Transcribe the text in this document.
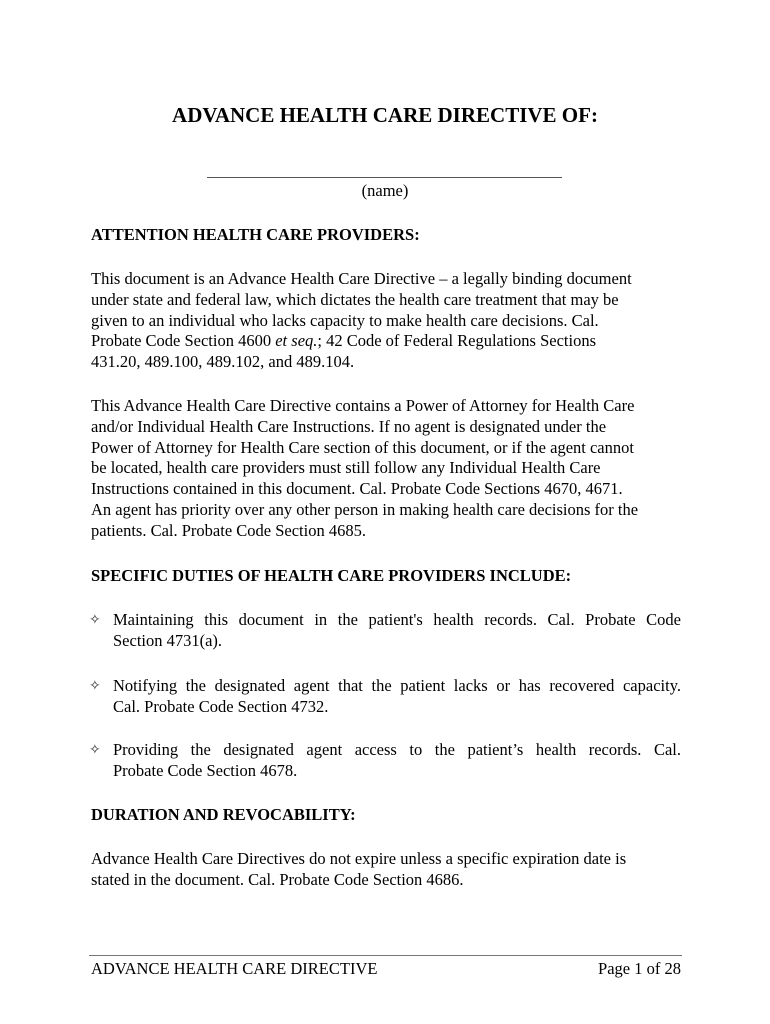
ADVANCE HEALTH CARE DIRECTIVE OF:
(name)
ATTENTION HEALTH CARE PROVIDERS:
This document is an Advance Health Care Directive – a legally binding document
under state and federal law, which dictates the health care treatment that may be
given to an individual who lacks capacity to make health care decisions. Cal.
Probate Code Section 4600 et seq.; 42 Code of Federal Regulations Sections
431.20, 489.100, 489.102, and 489.104.
This Advance Health Care Directive contains a Power of Attorney for Health Care
and/or Individual Health Care Instructions. If no agent is designated under the
Power of Attorney for Health Care section of this document, or if the agent cannot
be located, health care providers must still follow any Individual Health Care
Instructions contained in this document. Cal. Probate Code Sections 4670, 4671.
An agent has priority over any other person in making health care decisions for the
patients. Cal. Probate Code Section 4685.
SPECIFIC DUTIES OF HEALTH CARE PROVIDERS INCLUDE:
✧ Maintaining this document in the patient's health records. Cal. Probate Code
Section 4731(a).
✧ Notifying the designated agent that the patient lacks or has recovered capacity.
Cal. Probate Code Section 4732.
✧ Providing the designated agent access to the patient’s health records. Cal.
Probate Code Section 4678.
DURATION AND REVOCABILITY:
Advance Health Care Directives do not expire unless a specific expiration date is
stated in the document. Cal. Probate Code Section 4686.
ADVANCE HEALTH CARE DIRECTIVE	Page 1 of 28
